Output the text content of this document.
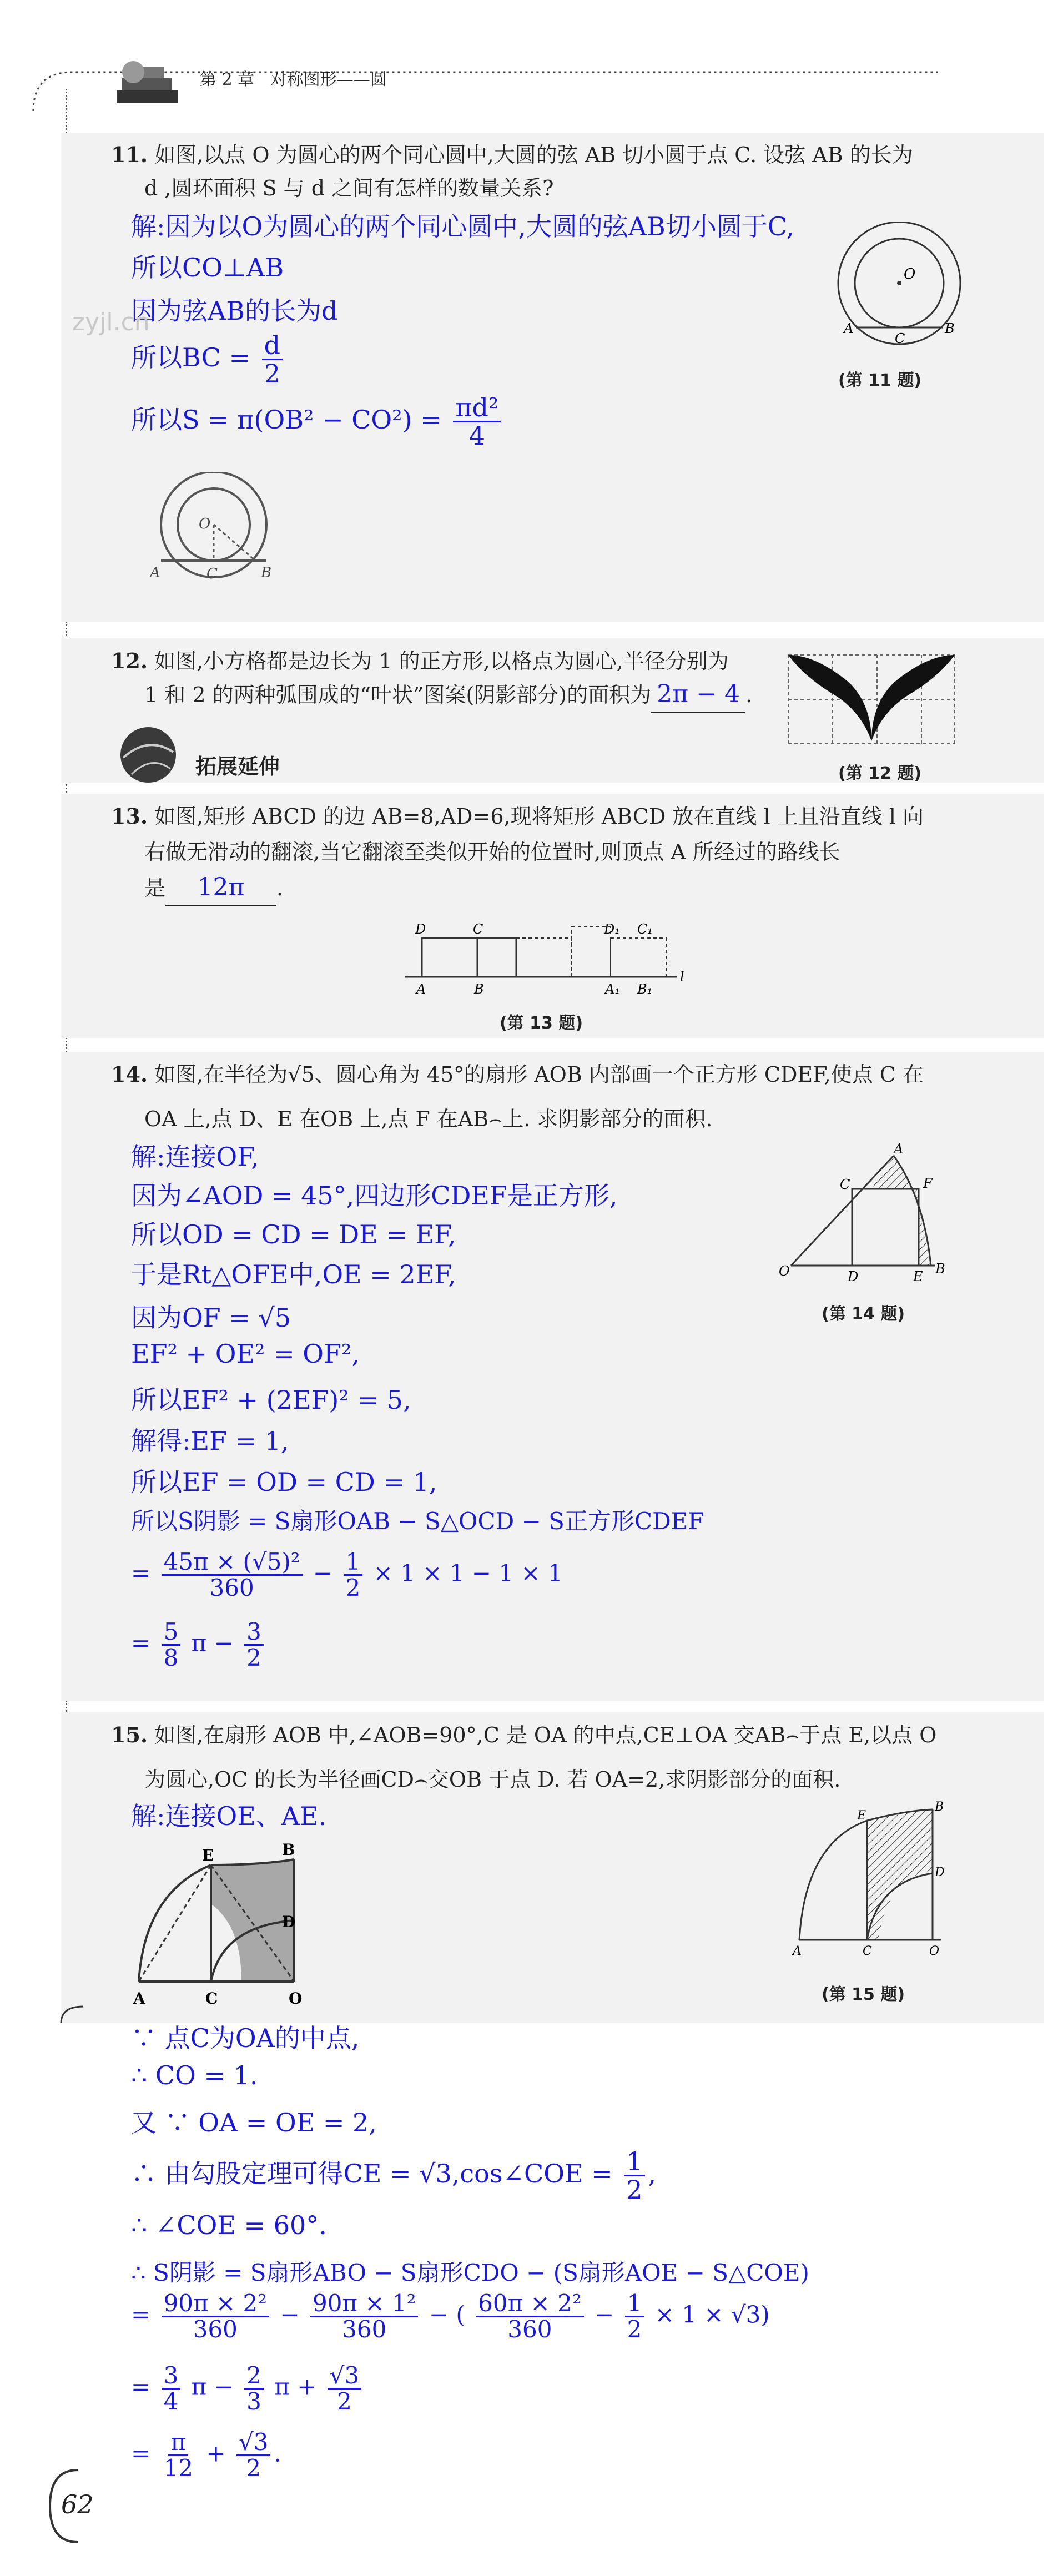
第 2 章 对称图形——圆
11. 如图,以点 O 为圆心的两个同心圆中,大圆的弦 AB 切小圆于点 C. 设弦 AB 的长为
d ,圆环面积 S 与 d 之间有怎样的数量关系?
解:因为以O为圆心的两个同心圆中,大圆的弦AB切小圆于C,
所以CO⊥AB
因为弦AB的长为d
所以BC = $\frac{d}{2}$
所以$S = \pi(OB^2 - CO^2) = \frac{\text{πd²}}{4}$
zyjl.cn
O
A	B
C
(第 11 题)
O
A	C	B
12. 如图,小方格都是边长为 1 的正方形,以格点为圆心,半径分别为
1 和 2 的两种弧围成的“叶状”图案(阴影部分)的面积为 2π − 4 .
(第 12 题)
拓展延伸
13. 如图,矩形 ABCD 的边 AB=8,AD=6,现将矩形 ABCD 放在直线 l 上且沿直线 l 向
右做无滑动的翻滚,当它翻滚至类似开始的位置时,则顶点 A 所经过的路线长
是 12π .
D	C
A	B
D₁ C₁
A₁ B₁
l
(第 13 题)
14. 如图,在半径为√5、圆心角为 45°的扇形 AOB 内部画一个正方形 CDEF,使点 C 在
OA 上,点 D、E 在OB 上,点 F 在AB⌢上. 求阴影部分的面积.
解:连接OF,
因为∠AOD = 45°,四边形CDEF是正方形,
所以OD = CD = DE = EF,
于是Rt△OFE中,OE = 2EF,
因为OF = √5
EF² + OE² = OF²,
所以EF² + (2EF)² = 5,
解得:EF = 1,
所以EF = OD = CD = 1,
所以S阴影 = S扇形OAB − S△OCD − S正方形CDEF
= $\frac{\text{45π × (√5)²}}{360} - \frac{1}{2} \times 1 \times 1 - 1 \times 1$
= $\frac{5}{8}$ $\pi - \frac{3}{2}$
O	D	E B
A
C	F
(第 14 题)
15. 如图,在扇形 AOB 中,∠AOB=90°,C 是 OA 的中点,CE⊥OA 交AB⌢于点 E,以点 O
为圆心,OC 的长为半径画CD⌢交OB 于点 D. 若 OA=2,求阴影部分的面积.
解:连接OE、AE.
E	B
D
A	C	O
E
B
D
A	C	O
(第 15 题)
∵ 点C为OA的中点,
∴ CO = 1.
又 ∵ OA = OE = 2,
∴ 由勾股定理可得CE = √3,cos∠COE = $\frac{1}{2}$ ,
∴ ∠COE = 60°.
∴ S阴影 = S扇形ABO − S扇形CDO − (S扇形AOE − S△COE)
= $\frac{\text{90π × 2²}}{360} - \frac{\text{90π × 1²}}{360}$ − ( $\frac{\text{60π × 2²}}{360} - \frac{1}{2} \times 1 \times √3$)
= $\frac{3}{4}$ $\pi - \frac{2}{3}$ $\pi + \frac{√3}{2}$
= $\frac{\pi}{12} + \frac{√3}{2}$ .
62
